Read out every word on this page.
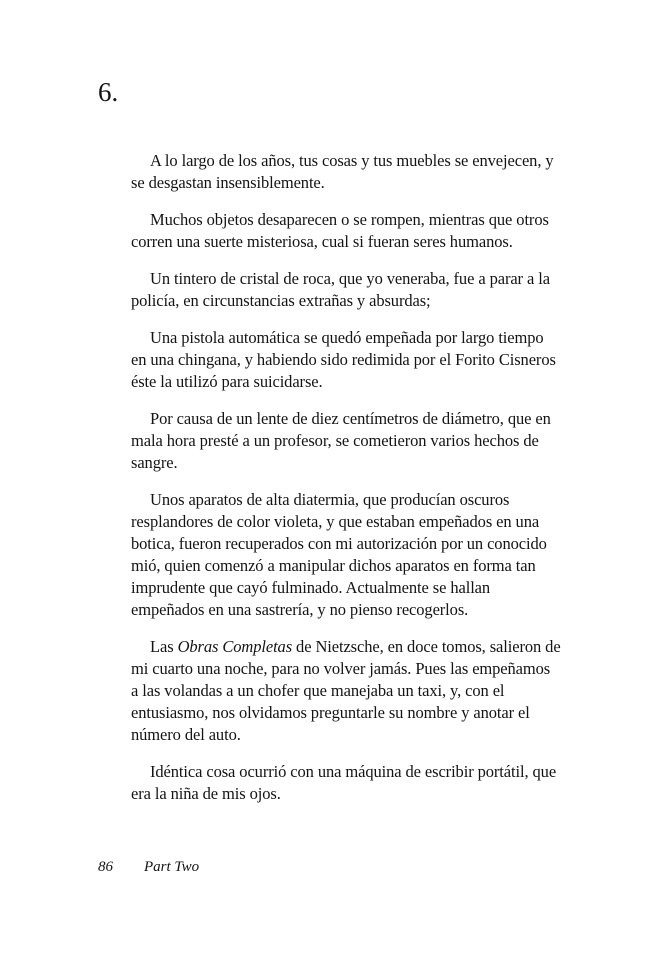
6.

A lo largo de los años, tus cosas y tus muebles se envejecen, y se desgastan insensiblemente.

Muchos objetos desaparecen o se rompen, mientras que otros corren una suerte misteriosa, cual si fueran seres humanos.

Un tintero de cristal de roca, que yo veneraba, fue a parar a la policía, en circunstancias extrañas y absurdas;

Una pistola automática se quedó empeñada por largo tiempo en una chingana, y habiendo sido redimida por el Forito Cisneros éste la utilizó para suicidarse.

Por causa de un lente de diez centímetros de diámetro, que en mala hora presté a un profesor, se cometieron varios hechos de sangre.

Unos aparatos de alta diatermia, que producían oscuros resplandores de color violeta, y que estaban empeñados en una botica, fueron recuperados con mi autorización por un conocido mió, quien comenzó a manipular dichos aparatos en forma tan imprudente que cayó fulminado. Actualmente se hallan empeñados en una sastrería, y no pienso recogerlos.

Las Obras Completas de Nietzsche, en doce tomos, salieron de mi cuarto una noche, para no volver jamás. Pues las empeñamos a las volandas a un chofer que manejaba un taxi, y, con el entusiasmo, nos olvidamos preguntarle su nombre y anotar el número del auto.

Idéntica cosa ocurrió con una máquina de escribir portátil, que era la niña de mis ojos.

86 Part Two
